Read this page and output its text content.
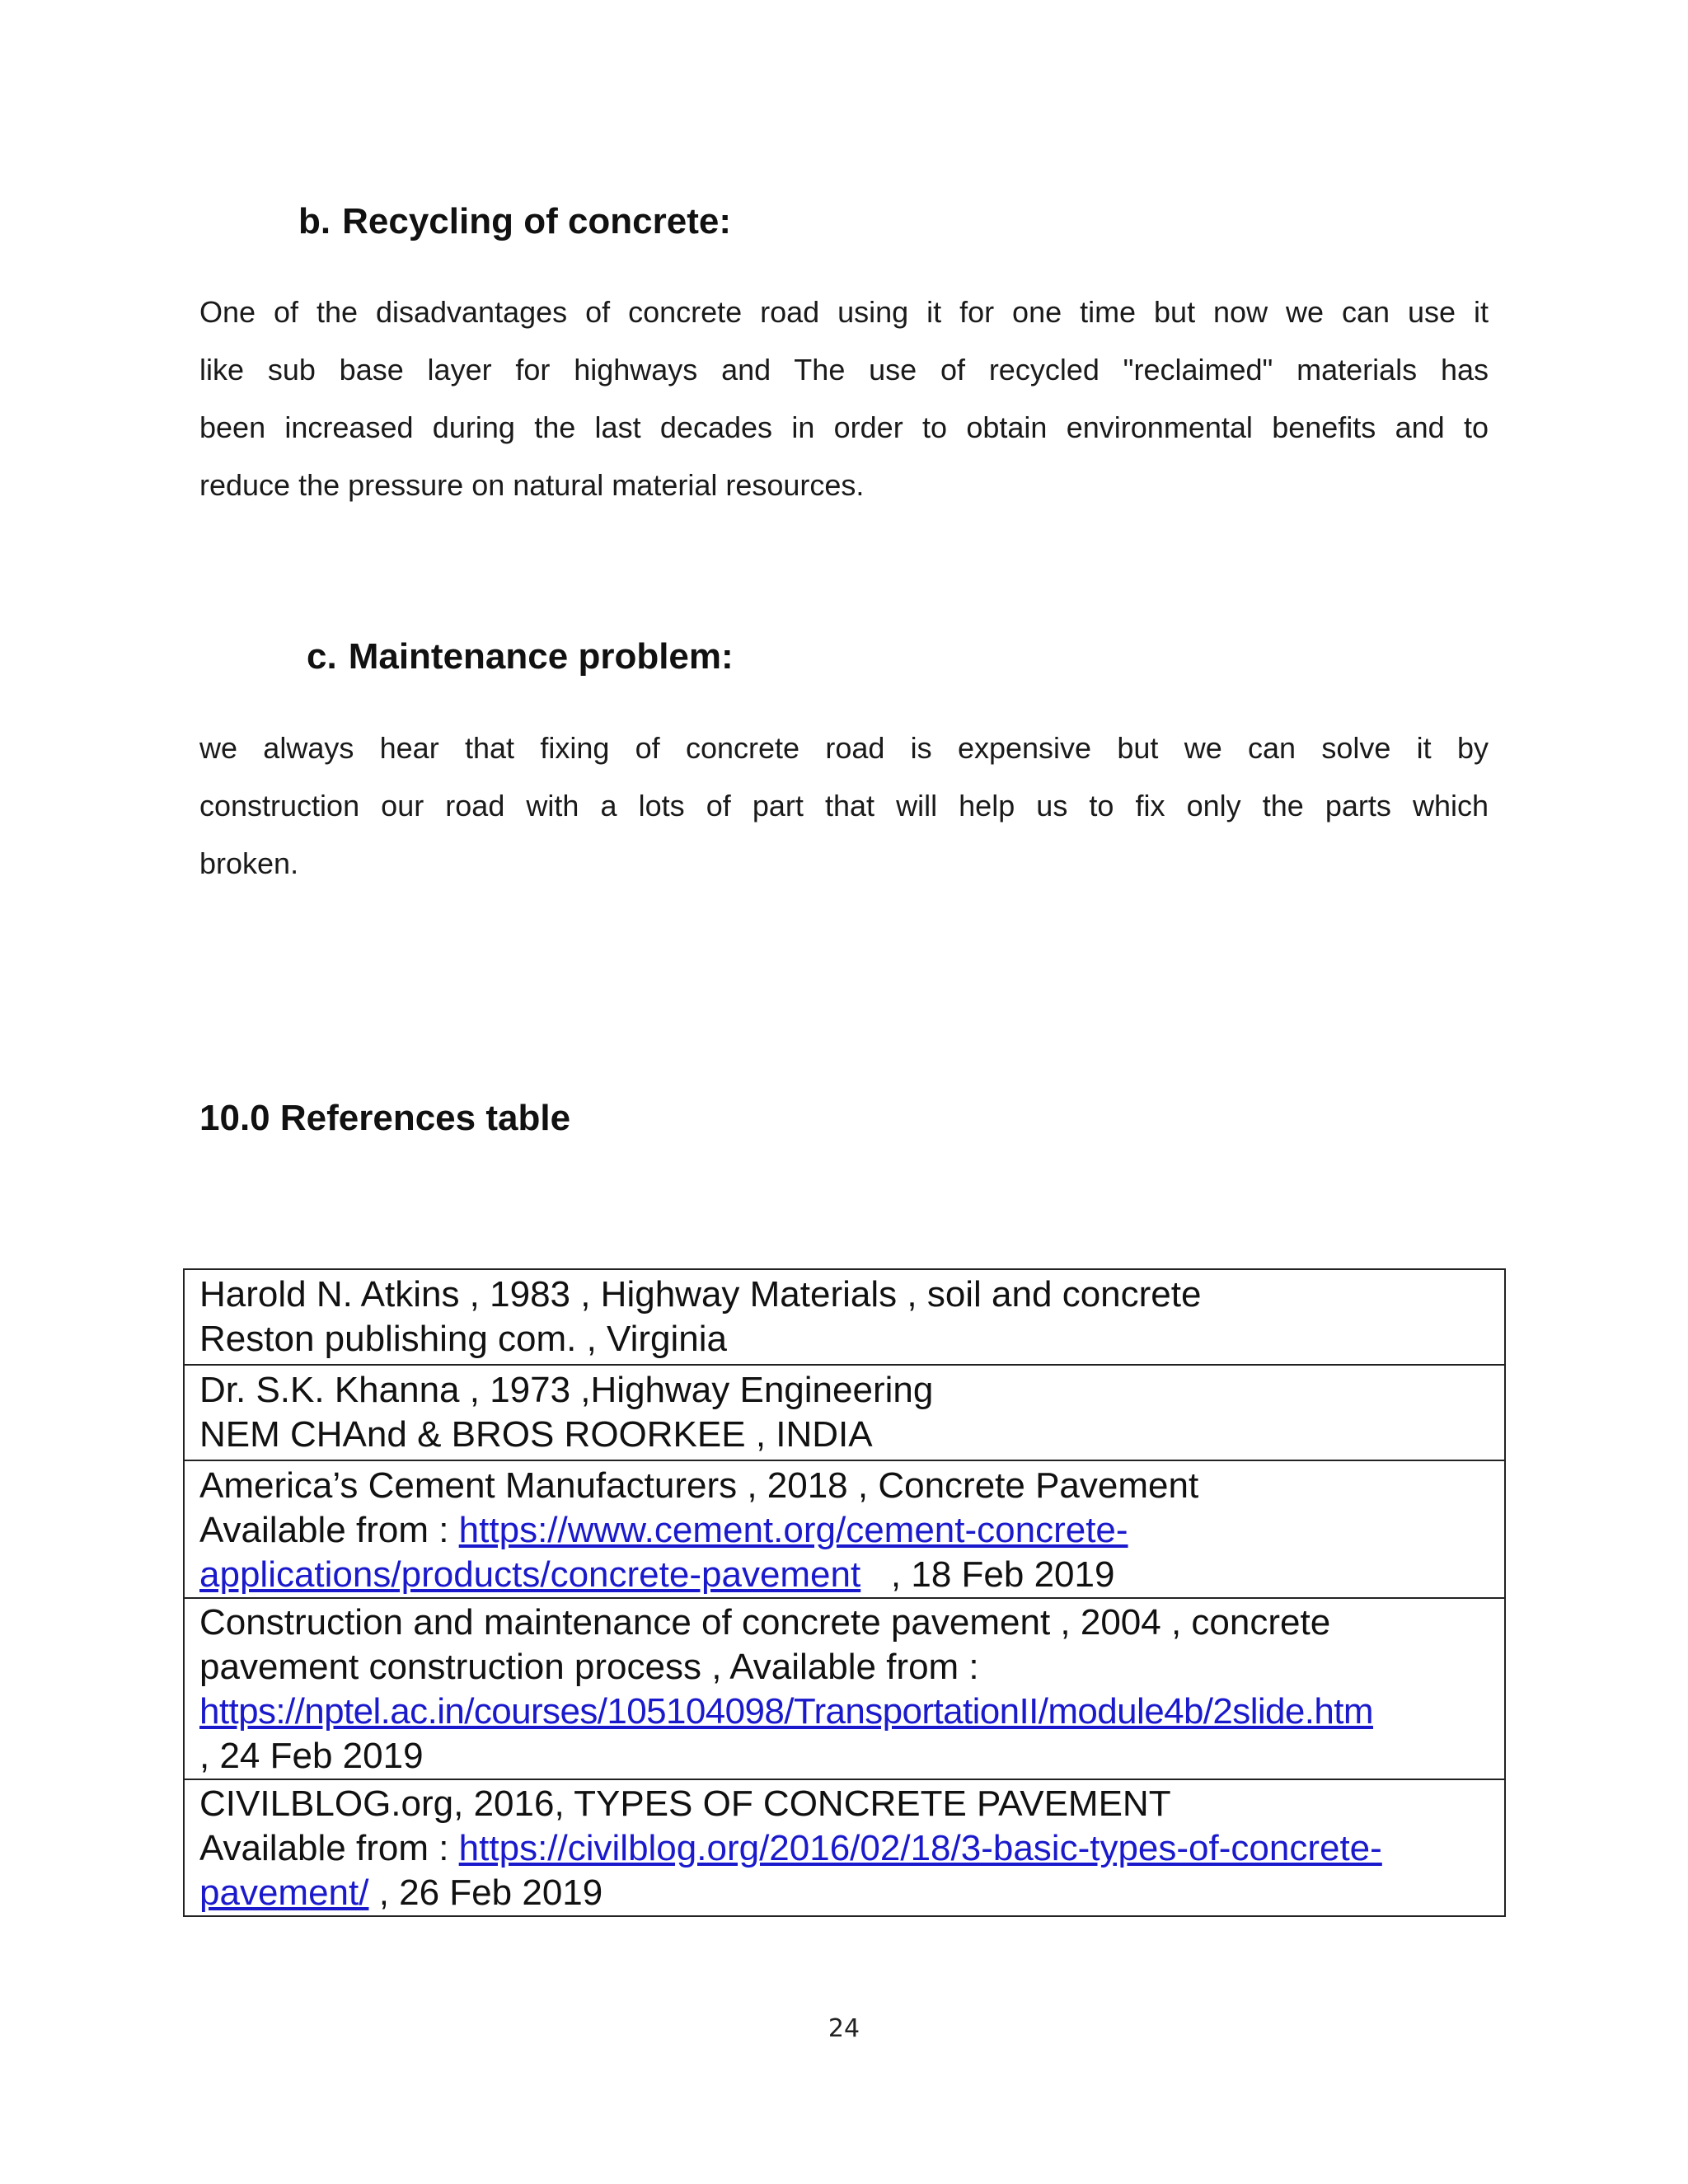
b. Recycling of concrete:

One of the disadvantages of concrete road using it for one time but now we can use it
like sub base layer for highways and The use of recycled "reclaimed" materials has
been increased during the last decades in order to obtain environmental benefits and to
reduce the pressure on natural material resources.

c. Maintenance problem:

we always hear that fixing of concrete road is expensive but we can solve it by
construction our road with a lots of part that will help us to fix only the parts which
broken.

10.0 References table
Harold N. Atkins , 1983 , Highway Materials , soil and concrete
Reston publishing com. , Virginia

Dr. S.K. Khanna , 1973 ,Highway Engineering
NEM CHAnd & BROS ROORKEE , INDIA

America’s Cement Manufacturers , 2018 , Concrete Pavement
Available from : https://www.cement.org/cement-concrete-
applications/products/concrete-pavement   , 18 Feb 2019

Construction and maintenance of concrete pavement , 2004 , concrete
pavement construction process , Available from :
https://nptel.ac.in/courses/105104098/TransportationII/module4b/2slide.htm
, 24 Feb 2019

CIVILBLOG.org, 2016, TYPES OF CONCRETE PAVEMENT
Available from : https://civilblog.org/2016/02/18/3-basic-types-of-concrete-
pavement/ , 26 Feb 2019
24
